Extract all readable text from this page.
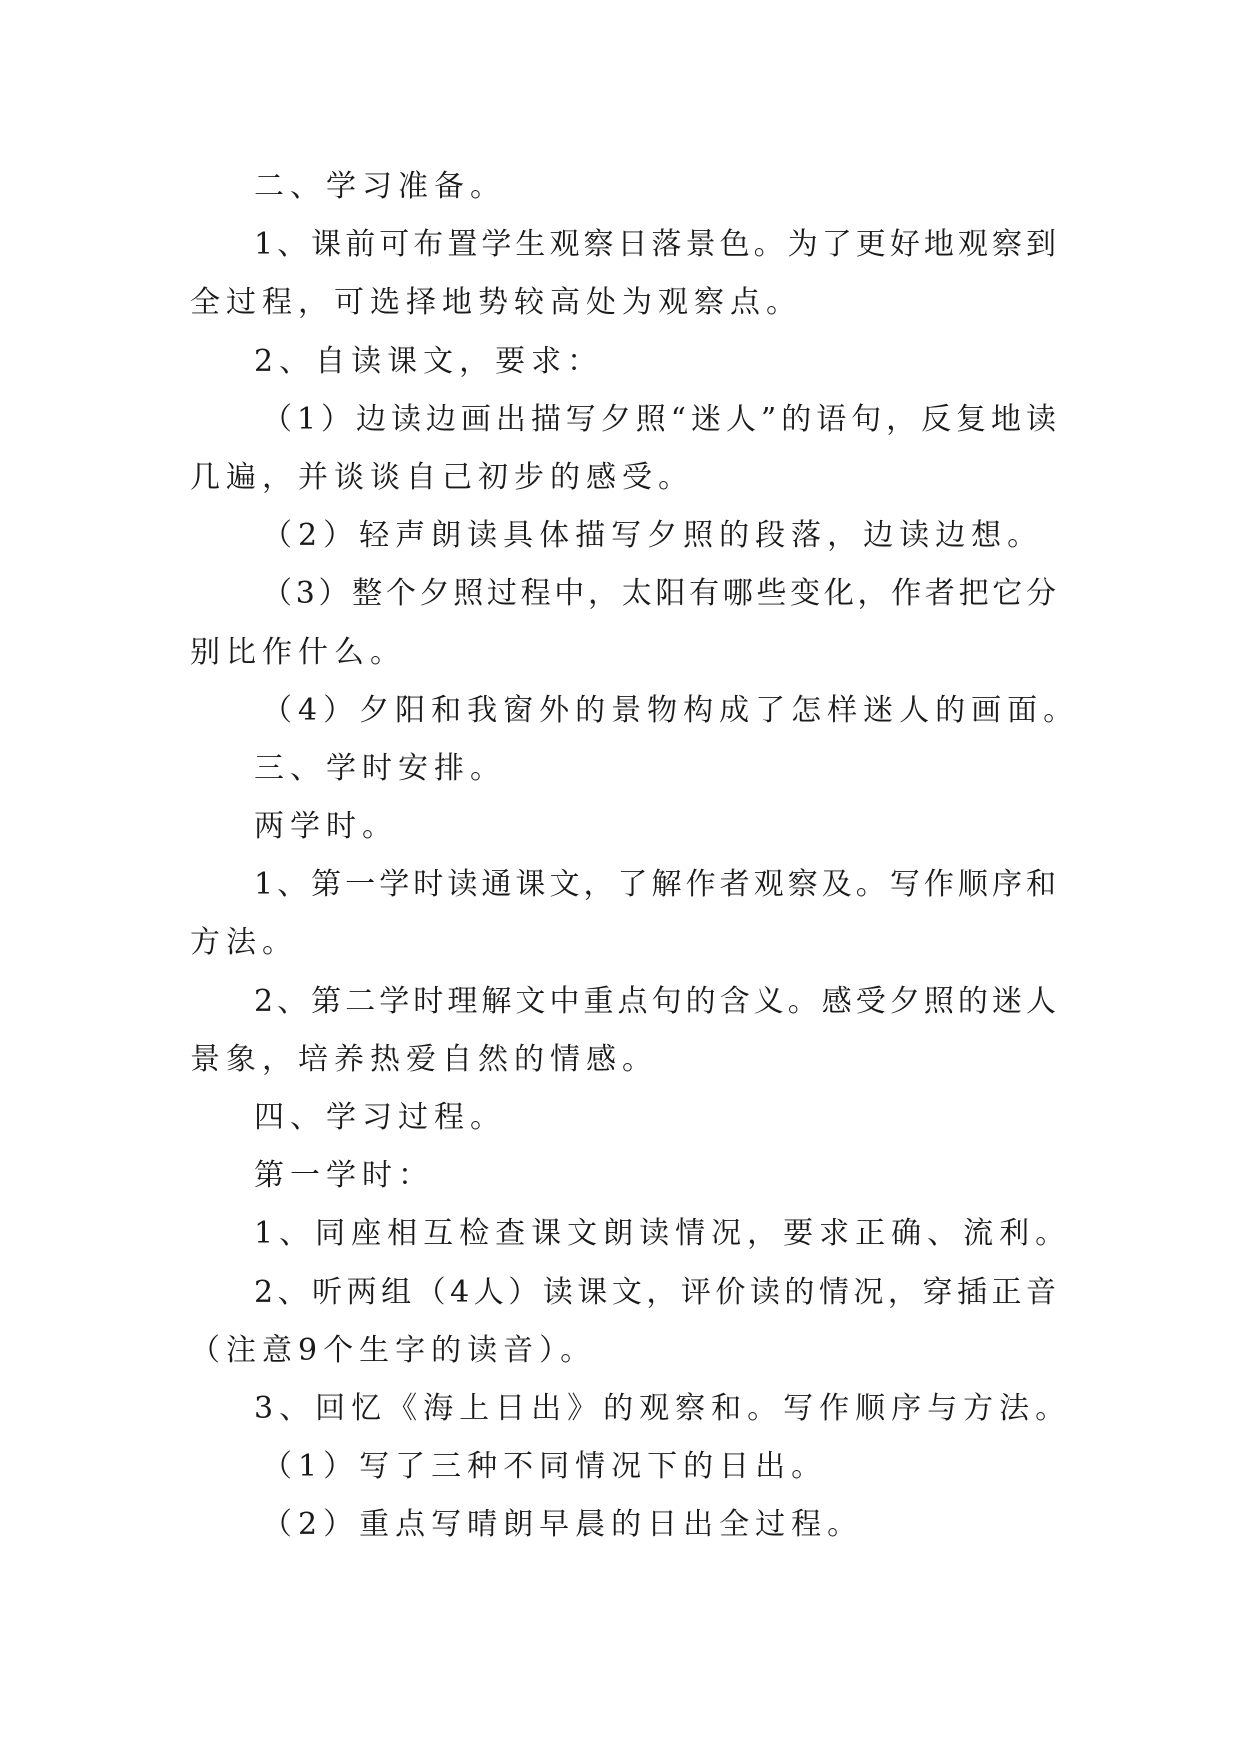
二、学习准备。
1、课前可布置学生观察日落景色。为了更好地观察到
全过程，可选择地势较高处为观察点。
2、自读课文，要求：
（1）边读边画出描写夕照“迷人”的语句，反复地读
几遍，并谈谈自己初步的感受。
（2）轻声朗读具体描写夕照的段落，边读边想。
（3）整个夕照过程中，太阳有哪些变化，作者把它分
别比作什么。
（4）夕阳和我窗外的景物构成了怎样迷人的画面。
三、学时安排。
两学时。
1、第一学时读通课文，了解作者观察及。写作顺序和
方法。
2、第二学时理解文中重点句的含义。感受夕照的迷人
景象，培养热爱自然的情感。
四、学习过程。
第一学时：
1、同座相互检查课文朗读情况，要求正确、流利。
2、听两组（4人）读课文，评价读的情况，穿插正音
（注意9个生字的读音）。
3、回忆《海上日出》的观察和。写作顺序与方法。
（1）写了三种不同情况下的日出。
（2）重点写晴朗早晨的日出全过程。
